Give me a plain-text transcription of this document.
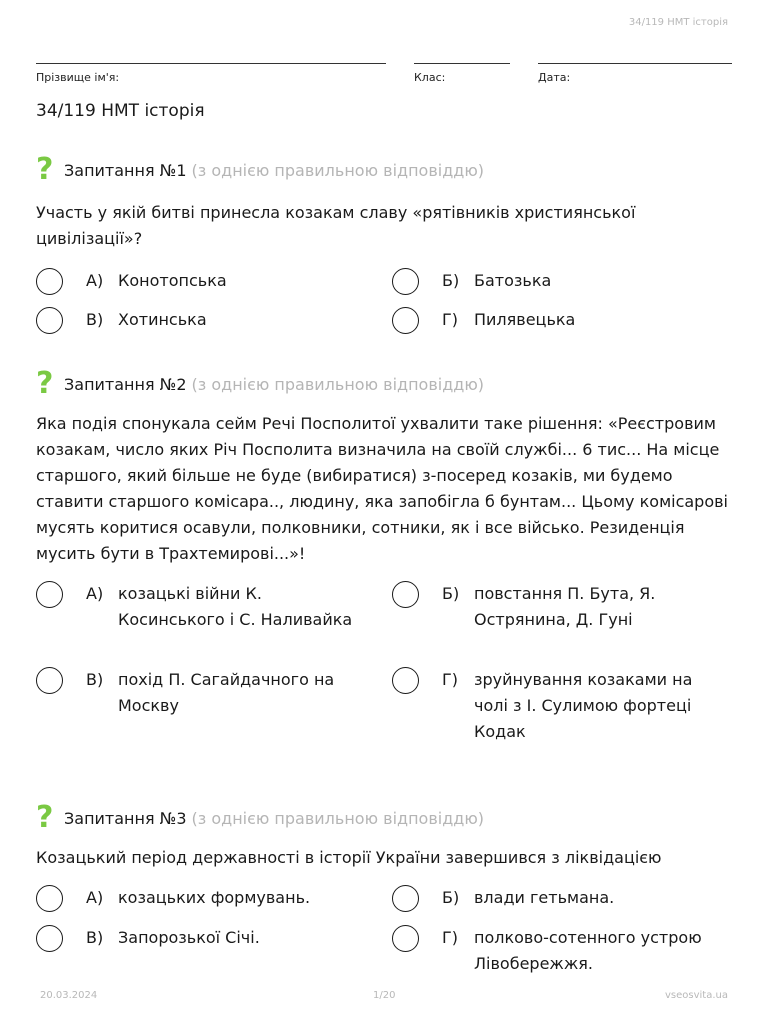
34/119 НМТ історія
Прізвище ім'я:	Клас:	Дата:
34/119 НМТ історія
? Запитання №1 (з однією правильною відповіддю)
Участь у якій битві принесла козакам славу «рятівників християнської цивілізації»?
А) Конотопська	Б) Батозька
В) Хотинська	Г)	Пилявецька
? Запитання №2 (з однією правильною відповіддю)
Яка подія спонукала сейм Речі Посполитої ухвалити таке рішення: «Реєстровим козакам, число яких Річ Посполита визначила на своїй службі... 6 тис... На місце старшого, який більше не буде (вибиратися) з-посеред козаків, ми будемо ставити старшого комісара.., людину, яка запобігла б бунтам... Цьому комісарові мусять коритися осавули, полковники, сотники, як і все військо. Резиденція мусить бути в Трахтемирові...»!
А) козацькі війни К. Косинського і С. Наливайка
Б) повстання П. Бута, Я. Острянина, Д. Гуні
В) похід П. Сагайдачного на Москву
Г)	зруйнування козаками на чолі з І. Сулимою фортеці Кодак
? Запитання №3 (з однією правильною відповіддю)
Козацький період державності в історії України завершився з ліквідацією
А) козацьких формувань.	Б) влади гетьмана.
В) Запорозької Січі.	Г)	полково-сотенного устрою Лівобережжя.
20.03.2024	1/20	vseosvita.ua
